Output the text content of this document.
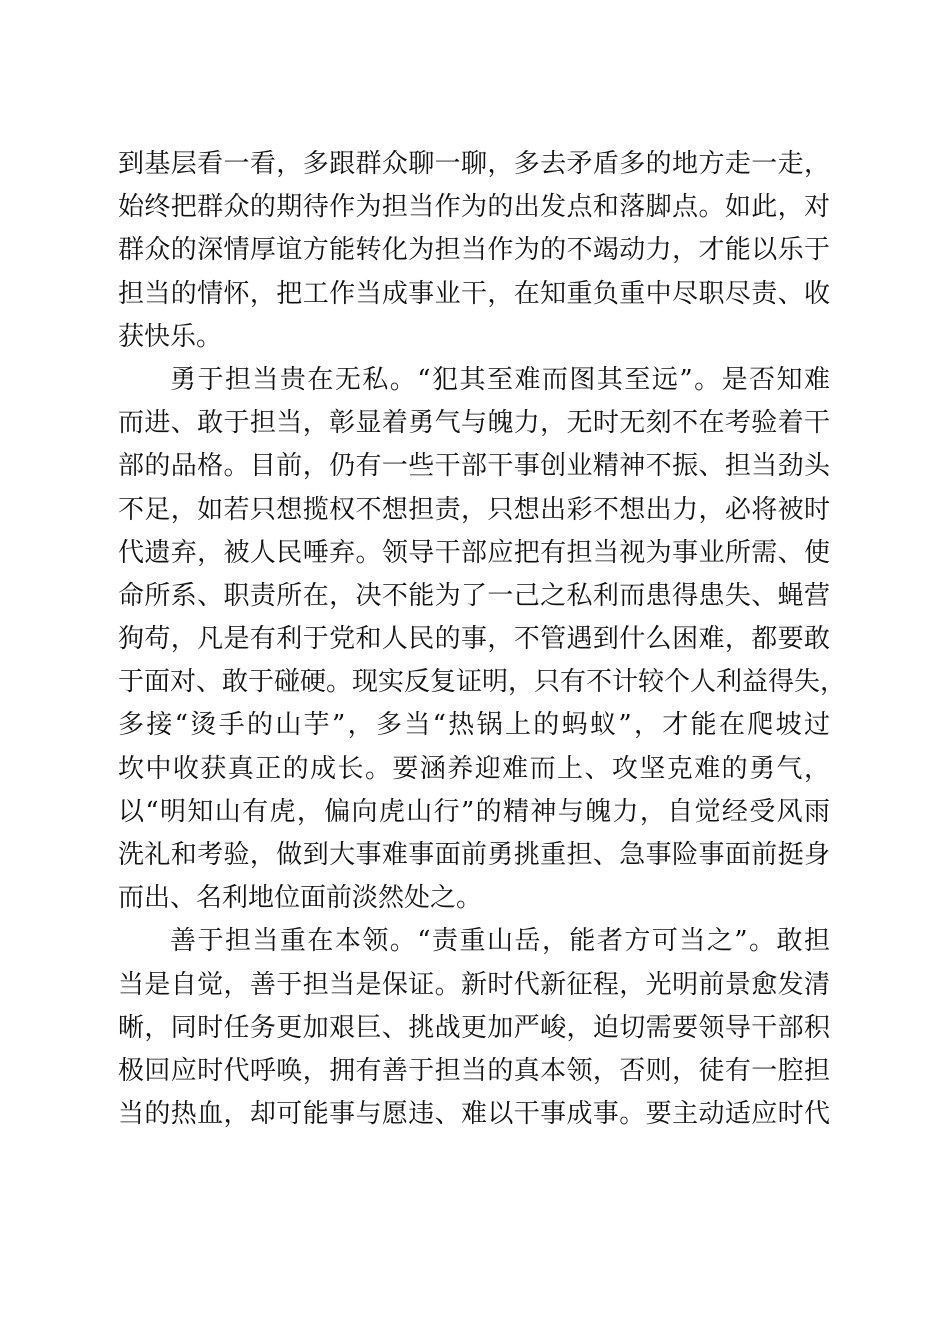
到基层看一看，多跟群众聊一聊，多去矛盾多的地方走一走，
始终把群众的期待作为担当作为的出发点和落脚点。如此，对
群众的深情厚谊方能转化为担当作为的不竭动力，才能以乐于
担当的情怀，把工作当成事业干，在知重负重中尽职尽责、收
获快乐。
勇于担当贵在无私。“犯其至难而图其至远”。是否知难
而进、敢于担当，彰显着勇气与魄力，无时无刻不在考验着干
部的品格。目前，仍有一些干部干事创业精神不振、担当劲头
不足，如若只想揽权不想担责，只想出彩不想出力，必将被时
代遗弃，被人民唾弃。领导干部应把有担当视为事业所需、使
命所系、职责所在，决不能为了一己之私利而患得患失、蝇营
狗苟，凡是有利于党和人民的事，不管遇到什么困难，都要敢
于面对、敢于碰硬。现实反复证明，只有不计较个人利益得失，
多接“烫手的山芋”，多当“热锅上的蚂蚁”，才能在爬坡过
坎中收获真正的成长。要涵养迎难而上、攻坚克难的勇气，
以“明知山有虎，偏向虎山行”的精神与魄力，自觉经受风雨
洗礼和考验，做到大事难事面前勇挑重担、急事险事面前挺身
而出、名利地位面前淡然处之。
善于担当重在本领。“责重山岳，能者方可当之”。敢担
当是自觉，善于担当是保证。新时代新征程，光明前景愈发清
晰，同时任务更加艰巨、挑战更加严峻，迫切需要领导干部积
极回应时代呼唤，拥有善于担当的真本领，否则，徒有一腔担
当的热血，却可能事与愿违、难以干事成事。要主动适应时代
